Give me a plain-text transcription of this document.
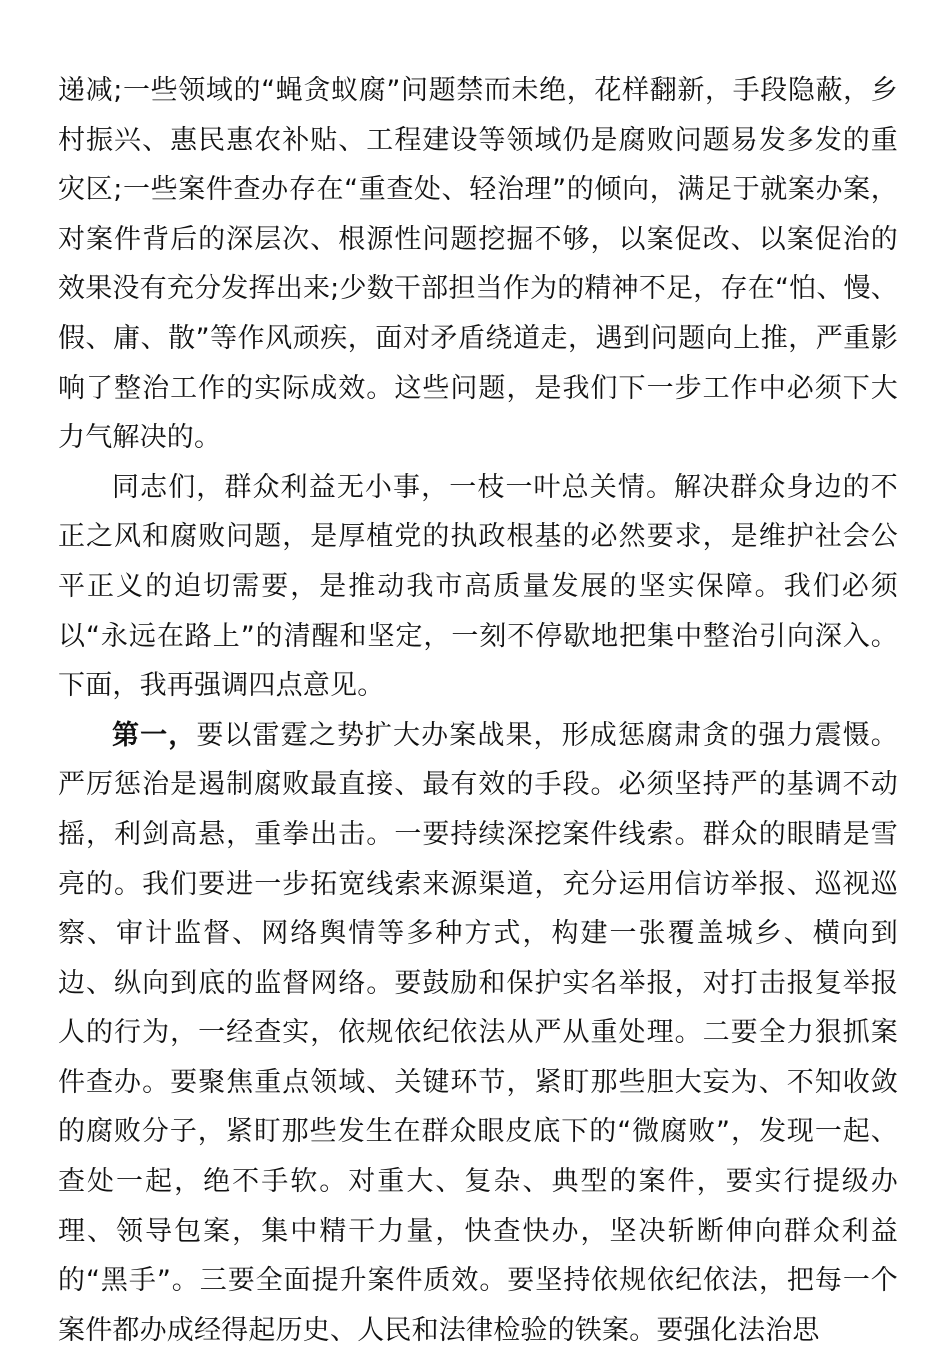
递减;一些领域的“蝇贪蚁腐”问题禁而未绝，花样翻新，手段隐蔽，乡村振兴、惠民惠农补贴、工程建设等领域仍是腐败问题易发多发的重灾区;一些案件查办存在“重查处、轻治理”的倾向，满足于就案办案，对案件背后的深层次、根源性问题挖掘不够，以案促改、以案促治的效果没有充分发挥出来;少数干部担当作为的精神不足，存在“怕、慢、假、庸、散”等作风顽疾，面对矛盾绕道走，遇到问题向上推，严重影响了整治工作的实际成效。这些问题，是我们下一步工作中必须下大力气解决的。

同志们，群众利益无小事，一枝一叶总关情。解决群众身边的不正之风和腐败问题，是厚植党的执政根基的必然要求，是维护社会公平正义的迫切需要，是推动我市高质量发展的坚实保障。我们必须以“永远在路上”的清醒和坚定，一刻不停歇地把集中整治引向深入。下面，我再强调四点意见。

第一，要以雷霆之势扩大办案战果，形成惩腐肃贪的强力震慑。严厉惩治是遏制腐败最直接、最有效的手段。必须坚持严的基调不动摇，利剑高悬，重拳出击。一要持续深挖案件线索。群众的眼睛是雪亮的。我们要进一步拓宽线索来源渠道，充分运用信访举报、巡视巡察、审计监督、网络舆情等多种方式，构建一张覆盖城乡、横向到边、纵向到底的监督网络。要鼓励和保护实名举报，对打击报复举报人的行为，一经查实，依规依纪依法从严从重处理。二要全力狠抓案件查办。要聚焦重点领域、关键环节，紧盯那些胆大妄为、不知收敛的腐败分子，紧盯那些发生在群众眼皮底下的“微腐败”，发现一起、查处一起，绝不手软。对重大、复杂、典型的案件，要实行提级办理、领导包案，集中精干力量，快查快办，坚决斩断伸向群众利益的“黑手”。三要全面提升案件质效。要坚持依规依纪依法，把每一个案件都办成经得起历史、人民和法律检验的铁案。要强化法治思
